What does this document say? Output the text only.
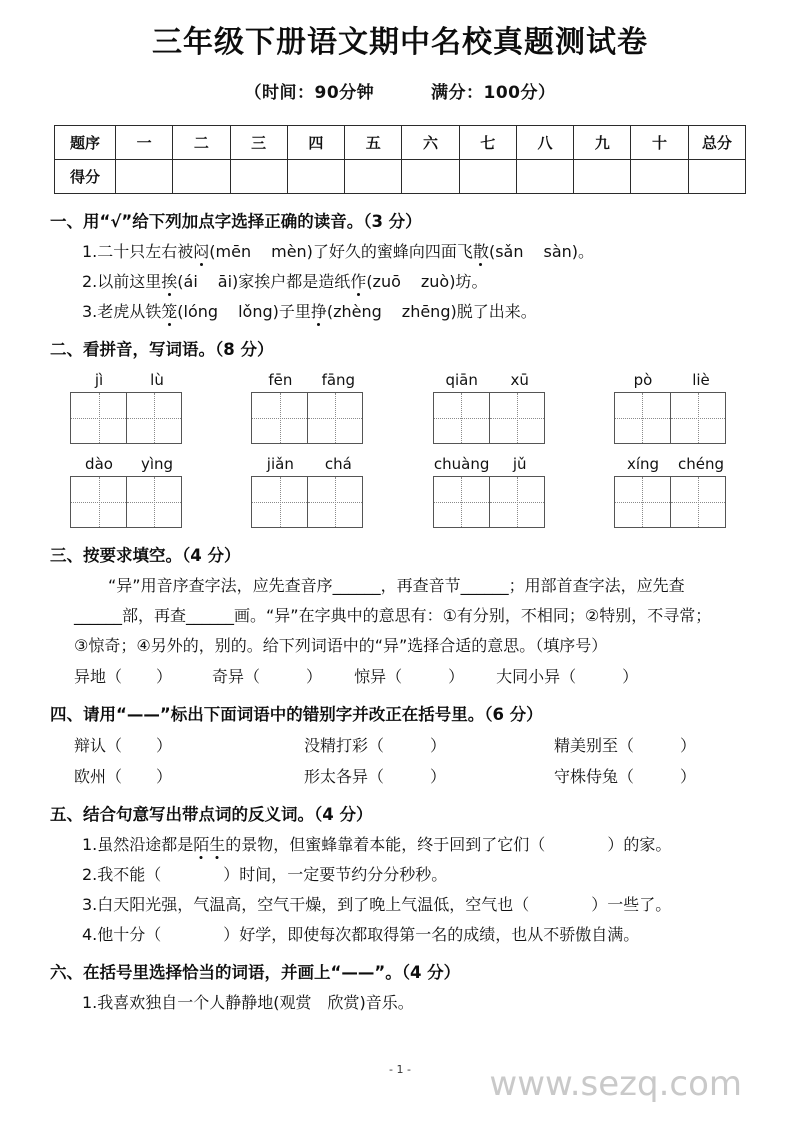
三年级下册语文期中名校真题测试卷
（时间：90分钟	满分：100分）
题序	一	二	三	四	五	六	七	八	九	十	总分
得分											
一、用“√”给下列加点字选择正确的读音。（3 分）
1.二十只左右被闷(mēn mèn)了好久的蜜蜂向四面飞散(sǎn sàn)。
2.以前这里挨(ái āi)家挨户都是造纸作(zuō zuò)坊。
3.老虎从铁笼(lóng lǒng)子里挣(zhèng zhēng)脱了出来。
二、看拼音，写词语。（8 分）
jì	lù	fēn	fāng	qiān	xū	pò	liè
dào	yìng	jiǎn	chá	chuàng	jǔ	xíng	chéng
三、按要求填空。（4 分）
“异”用音序查字法，应先查音序______，再查音节______；用部首查字法，应先查
______部，再查______画。“异”在字典中的意思有：①有分别，不相同；②特别，不寻常；
③惊奇；④另外的，别的。给下列词语中的“异”选择合适的意思。（填序号）
异地（ ）	奇异（	） 惊异（	） 大同小异（	）
四、请用“——”标出下面词语中的错别字并改正在括号里。（6 分）
辩认（ ）	没精打彩（	）	精美别至（	）
欧州（ ）	形太各异（	）	守株侍兔（	）
五、结合句意写出带点词的反义词。（4 分）
1.虽然沿途都是陌生的景物，但蜜蜂靠着本能，终于回到了它们（	）的家。
2.我不能（	）时间，一定要节约分分秒秒。
3.白天阳光强，气温高，空气干燥，到了晚上气温低，空气也（	）一些了。
4.他十分（	）好学，即使每次都取得第一名的成绩，也从不骄傲自满。
六、在括号里选择恰当的词语，并画上“——”。（4 分）
1.我喜欢独自一个人静静地(观赏　欣赏)音乐。
- 1 -	www.sezq.com
